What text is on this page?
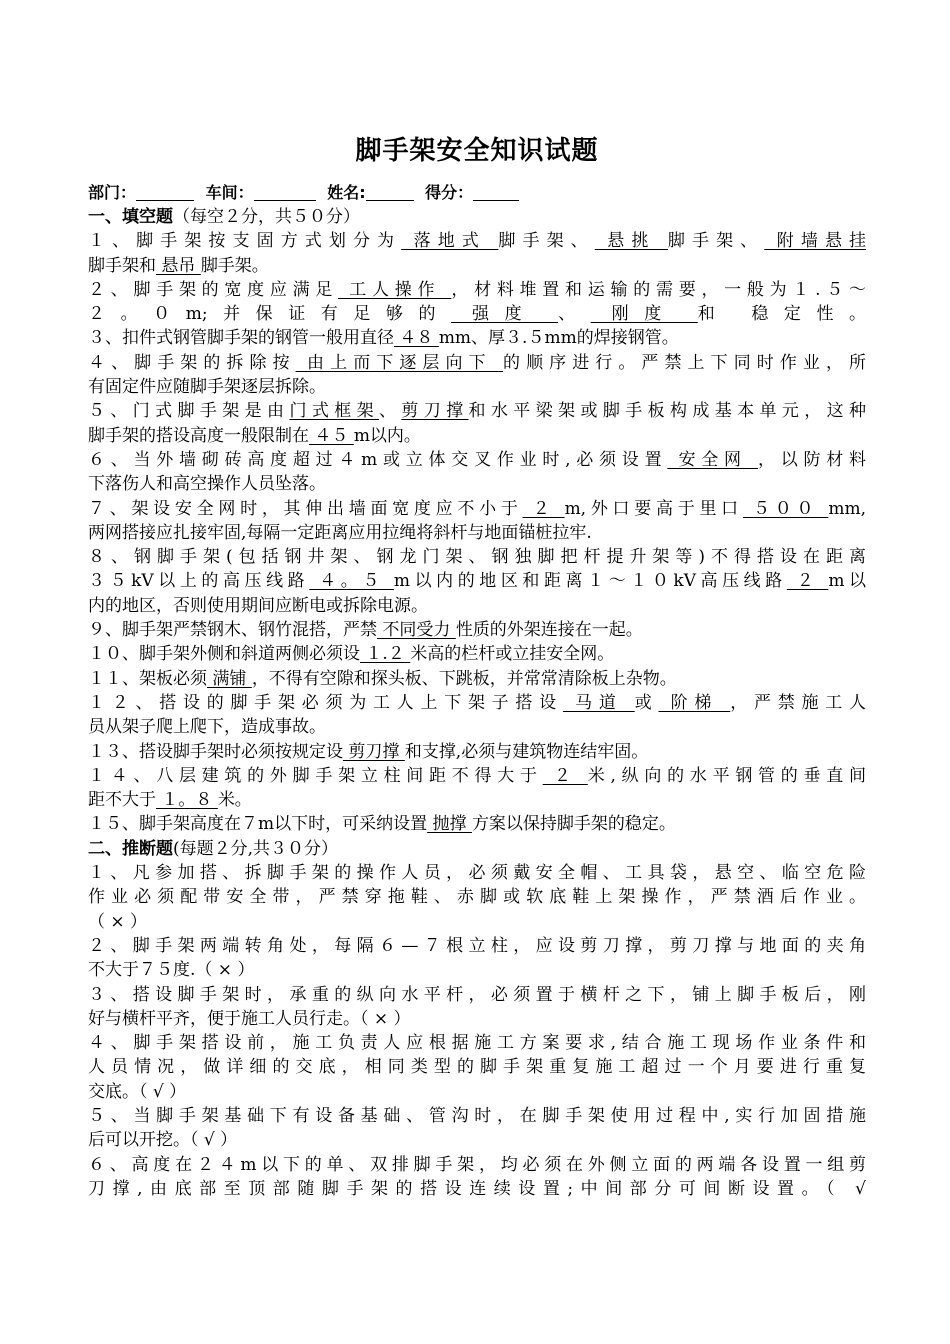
脚手架安全知识试题
部门：	车间：	姓名:	得分：
一、填空题（每空２分，共５０分）
１、脚手架按支固方式划分为 落地式 脚手架、 悬挑 脚手架、 附墙悬挂
脚手架和 悬吊 脚手架。
２、脚手架的宽度应满足 工人操作 ，材料堆置和运输的需要，一般为１.５～
２。０m;并保证有足够的 强度 、 刚度 和 稳定性。
３、扣件式钢管脚手架的钢管一般用直径 ４８ mm、厚３.５mm的焊接钢管。
４、脚手架的拆除按 由上而下逐层向下 的顺序进行。严禁上下同时作业，所
有固定件应随脚手架逐层拆除。
５、门式脚手架是由门式框架、剪刀撑和水平梁架或脚手板构成基本单元，这种
脚手架的搭设高度一般限制在 ４５ m以内。
６、当外墙砌砖高度超过４m或立体交叉作业时,必须设置 安全网 ，以防材料
下落伤人和高空操作人员坠落。
７、架设安全网时，其伸出墙面宽度应不小于 ２ m,外口要高于里口 ５００ mm,
两网搭接应扎接牢固,每隔一定距离应用拉绳将斜杆与地面锚桩拉牢.
８、钢脚手架(包括钢井架、钢龙门架、钢独脚把杆提升架等)不得搭设在距离
３５kV以上的高压线路 ４。５ m以内的地区和距离１～１０kV高压线路 ２ m以
内的地区，否则使用期间应断电或拆除电源。
９、脚手架严禁钢木、钢竹混搭，严禁 不同受力 性质的外架连接在一起。
１０、脚手架外侧和斜道两侧必须设 １.２ 米高的栏杆或立挂安全网。
１１、架板必须 满铺 ，不得有空隙和探头板、下跳板，并常常清除板上杂物。
１２、搭设的脚手架必须为工人上下架子搭设 马道 或 阶梯 ，严禁施工人
员从架子爬上爬下，造成事故。
１３、搭设脚手架时必须按规定设 剪刀撑 和支撑,必须与建筑物连结牢固。
１４、八层建筑的外脚手架立柱间距不得大于 ２ 米,纵向的水平钢管的垂直间
距不大于 １。８ 米。
１５、脚手架高度在７m以下时，可采纳设置 抛撑 方案以保持脚手架的稳定。
二、推断题(每题２分,共３０分）
１、凡参加搭、拆脚手架的操作人员，必须戴安全帽、工具袋，悬空、临空危险
作业必须配带安全带，严禁穿拖鞋、赤脚或软底鞋上架操作，严禁酒后作业。
（ × ）
２、脚手架两端转角处，每隔６—７根立柱，应设剪刀撑，剪刀撑与地面的夹角
不大于７５度.（ × ）
３、搭设脚手架时，承重的纵向水平杆，必须置于横杆之下，铺上脚手板后，刚
好与横杆平齐，便于施工人员行走。（ × ）
４、脚手架搭设前，施工负责人应根据施工方案要求,结合施工现场作业条件和
人员情况，做详细的交底，相同类型的脚手架重复施工超过一个月要进行重复
交底。（ √ ）
５、当脚手架基础下有设备基础、管沟时，在脚手架使用过程中,实行加固措施
后可以开挖。（ √ ）
６、高度在２４m以下的单、双排脚手架，均必须在外侧立面的两端各设置一组剪
刀撑,由底部至顶部随脚手架的搭设连续设置;中间部分可间断设置。（ √
